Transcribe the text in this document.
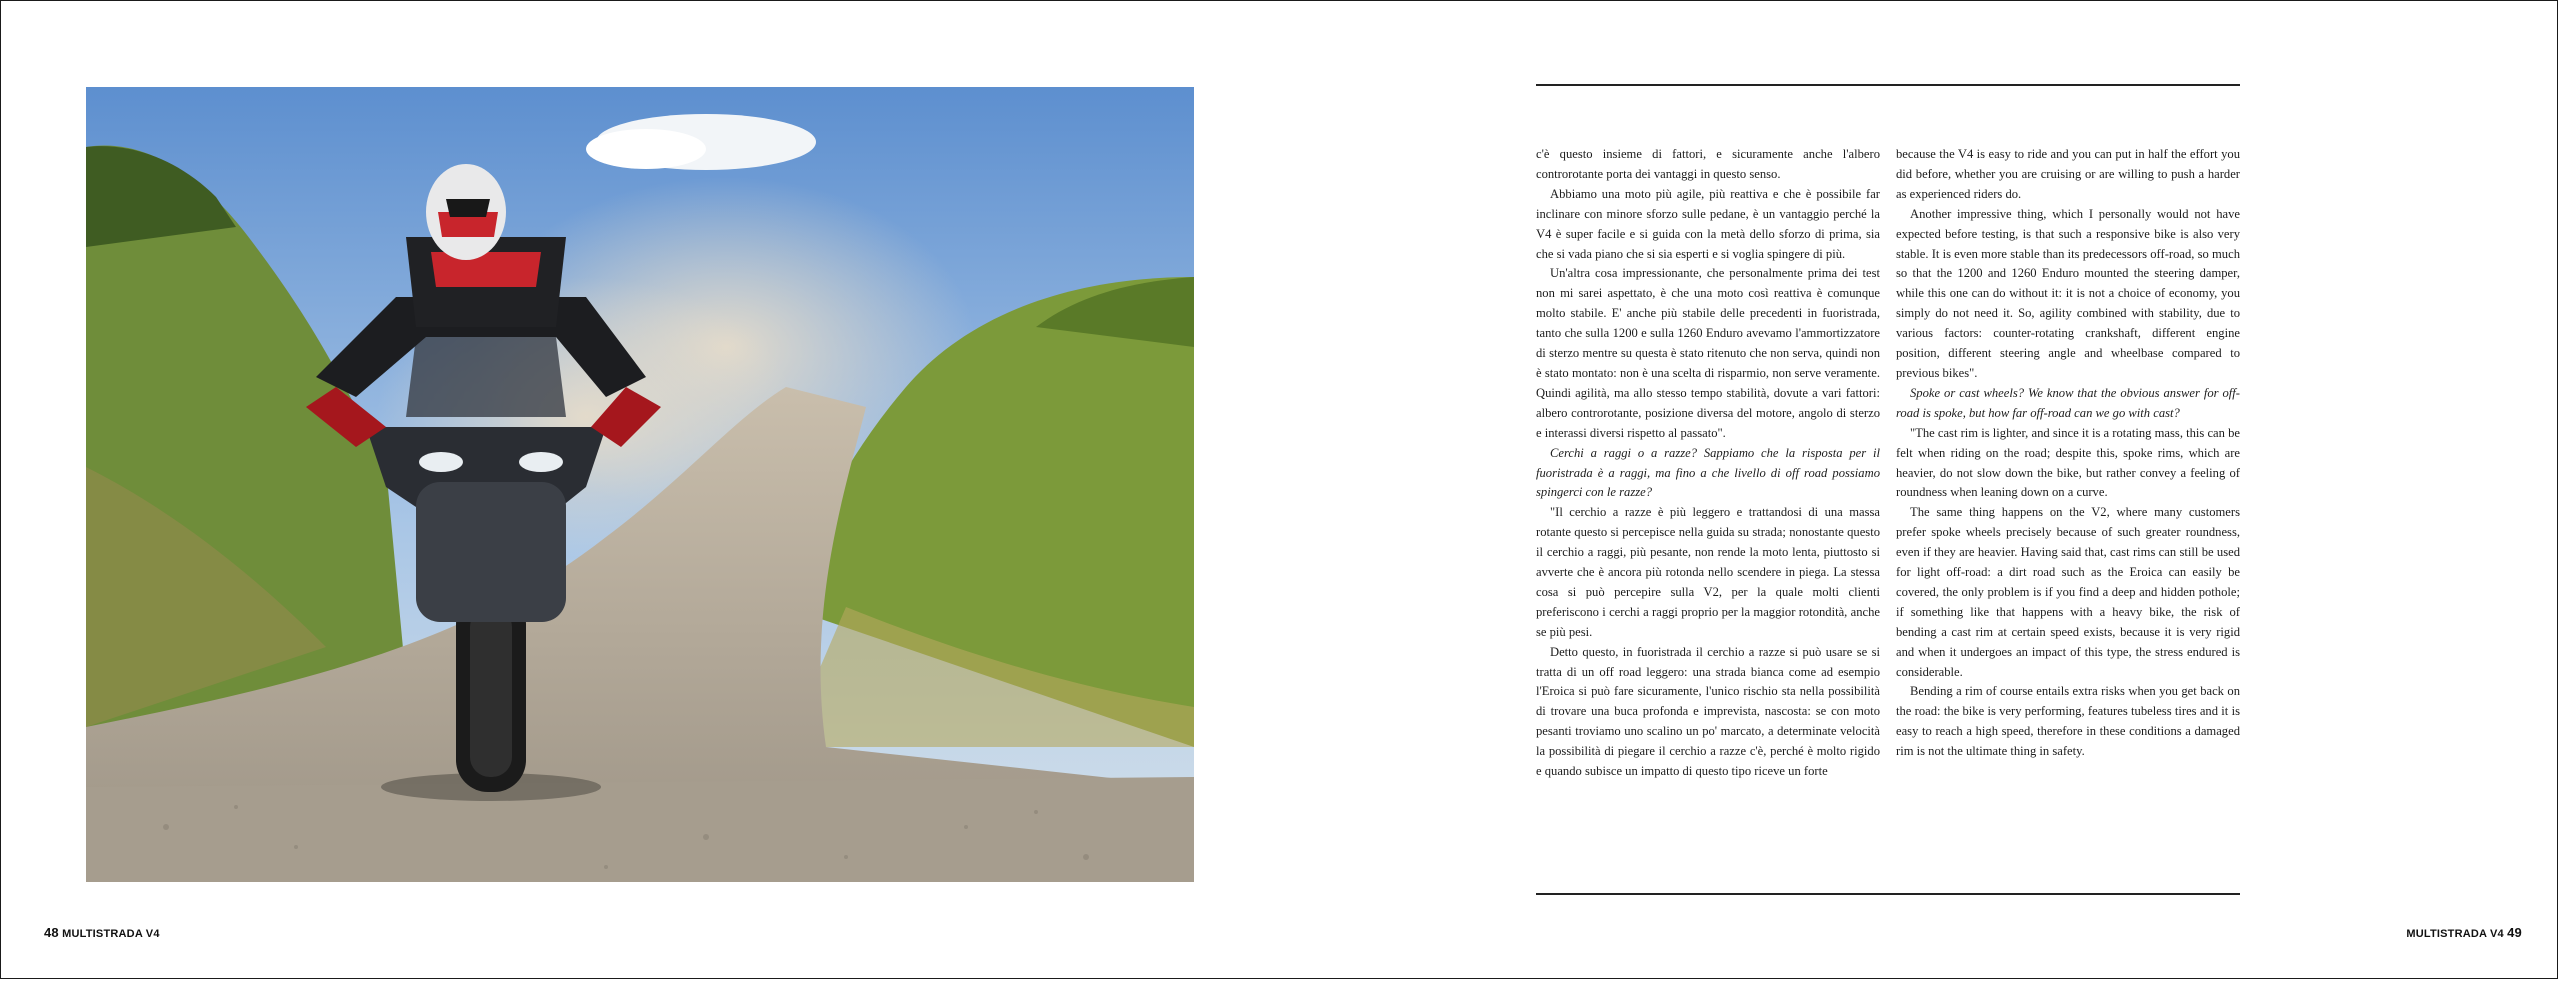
48 MULTISTRADA V4

c'è questo insieme di fattori, e sicuramente anche l'albero controrotante porta dei vantaggi in questo senso.

Abbiamo una moto più agile, più reattiva e che è possibile far inclinare con minore sforzo sulle pedane, è un vantaggio perché la V4 è super facile e si guida con la metà dello sforzo di prima, sia che si vada piano che si sia esperti e si voglia spingere di più.

Un'altra cosa impressionante, che personalmente prima dei test non mi sarei aspettato, è che una moto così reattiva è comunque molto stabile. E' anche più stabile delle precedenti in fuoristrada, tanto che sulla 1200 e sulla 1260 Enduro avevamo l'ammortizzatore di sterzo mentre su questa è stato ritenuto che non serva, quindi non è stato montato: non è una scelta di risparmio, non serve veramente. Quindi agilità, ma allo stesso tempo stabilità, dovute a vari fattori: albero controrotante, posizione diversa del motore, angolo di sterzo e interassi diversi rispetto al passato".

Cerchi a raggi o a razze? Sappiamo che la risposta per il fuoristrada è a raggi, ma fino a che livello di off road possiamo spingerci con le razze?

"Il cerchio a razze è più leggero e trattandosi di una massa rotante questo si percepisce nella guida su strada; nonostante questo il cerchio a raggi, più pesante, non rende la moto lenta, piuttosto si avverte che è ancora più rotonda nello scendere in piega. La stessa cosa si può percepire sulla V2, per la quale molti clienti preferiscono i cerchi a raggi proprio per la maggior rotondità, anche se più pesi.

Detto questo, in fuoristrada il cerchio a razze si può usare se si tratta di un off road leggero: una strada bianca come ad esempio l'Eroica si può fare sicuramente, l'unico rischio sta nella possibilità di trovare una buca profonda e imprevista, nascosta: se con moto pesanti troviamo uno scalino un po' marcato, a determinate velocità la possibilità di piegare il cerchio a razze c'è, perché è molto rigido e quando subisce un impatto di questo tipo riceve un forte

because the V4 is easy to ride and you can put in half the effort you did before, whether you are cruising or are willing to push a harder as experienced riders do.

Another impressive thing, which I personally would not have expected before testing, is that such a responsive bike is also very stable. It is even more stable than its predecessors off-road, so much so that the 1200 and 1260 Enduro mounted the steering damper, while this one can do without it: it is not a choice of economy, you simply do not need it. So, agility combined with stability, due to various factors: counter-rotating crankshaft, different engine position, different steering angle and wheelbase compared to previous bikes".

Spoke or cast wheels? We know that the obvious answer for off-road is spoke, but how far off-road can we go with cast?

"The cast rim is lighter, and since it is a rotating mass, this can be felt when riding on the road; despite this, spoke rims, which are heavier, do not slow down the bike, but rather convey a feeling of roundness when leaning down on a curve.

The same thing happens on the V2, where many customers prefer spoke wheels precisely because of such greater roundness, even if they are heavier. Having said that, cast rims can still be used for light off-road: a dirt road such as the Eroica can easily be covered, the only problem is if you find a deep and hidden pothole; if something like that happens with a heavy bike, the risk of bending a cast rim at certain speed exists, because it is very rigid and when it undergoes an impact of this type, the stress endured is considerable.

Bending a rim of course entails extra risks when you get back on the road: the bike is very performing, features tubeless tires and it is easy to reach a high speed, therefore in these conditions a damaged rim is not the ultimate thing in safety.

MULTISTRADA V4 49
